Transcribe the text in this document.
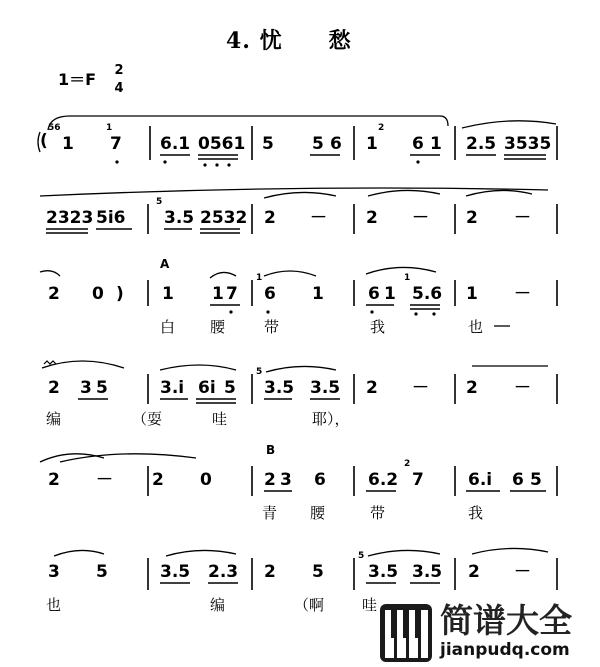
4. 忧　　愁
1＝F 2
4
A
B
(
56
1
1
7 6.1 0561 5 5 6 1
2
6 1 2.5 3535
2323 5i6
5
3.5 2532 2 － 2 － 2 －
2 0 ) 1 1 7
1
6 1	6 1
1
5.6 1 －
白 腰	带	我	也
2 3 5	3.i 6i 5
5
3.5 3.5 2 － 2 －
编	（耍	哇	耶），
2 － 2 0	2 3 6 6.2
2
7	6.i 6 5
青 腰	带	我
3 5	3.5 2.3 2 5
5
3.5 3.5 2 －
也	编	（啊	哇 简谱大全
jianpudq.com
